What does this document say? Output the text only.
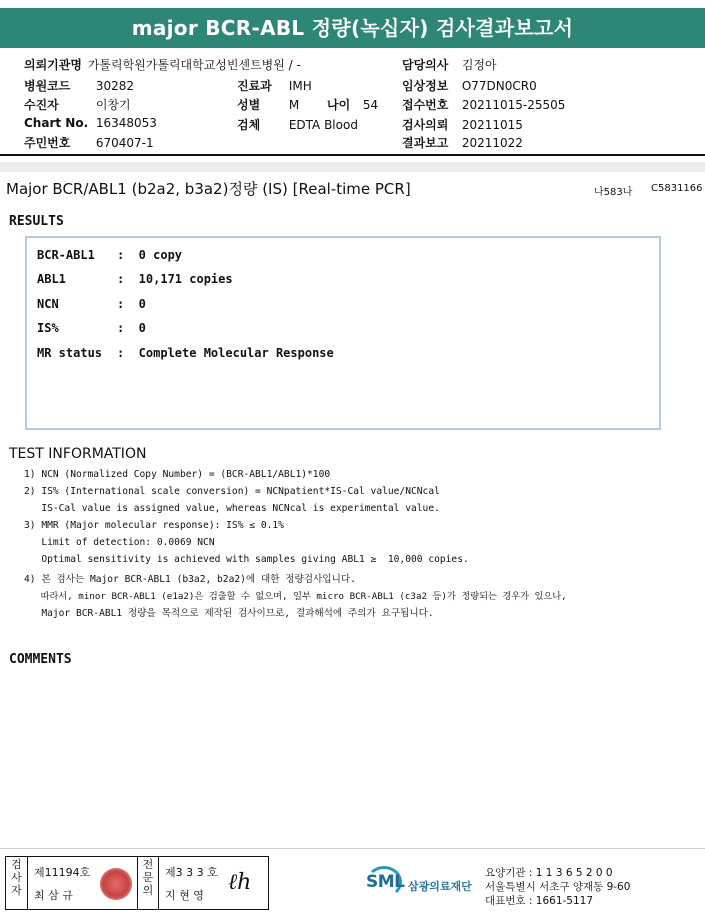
major BCR-ABL 정량(녹십자) 검사결과보고서
의뢰기관명 가톨릭학원가톨릭대학교성빈센트병원 / -
병원코드 30282
수진자	이창기
Chart No. 16348053
주민번호 670407-1
진료과 IMH
성별 M 나이 54
검체 EDTA Blood
담당의사 김정아
임상정보 O77DN0CR0
접수번호 20211015-25505
검사의뢰 20211015
결과보고 20211022
Major BCR/ABL1 (b2a2, b3a2)정량 (IS) [Real-time PCR]	나583나 C5831166
RESULTS
BCR-ABL1 :  0 copy
ABL1	:  10,171 copies
NCN	:  0
IS%	:  0
MR status :  Complete Molecular Response
TEST INFORMATION
1) NCN (Normalized Copy Number) = (BCR-ABL1/ABL1)*100
2) IS% (International scale conversion) = NCNpatient*IS-Cal value/NCNcal
IS-Cal value is assigned value, whereas NCNcal is experimental value.
3) MMR (Major molecular response): IS% ≤ 0.1%
Limit of detection: 0.0069 NCN
Optimal sensitivity is achieved with samples giving ABL1 ≥  10,000 copies.
4) 본 검사는 Major BCR-ABL1 (b3a2, b2a2)에 대한 정량검사입니다.
따라서, minor BCR-ABL1 (e1a2)은 검출할 수 없으며, 일부 micro BCR-ABL1 (c3a2 등)가 정량되는 경우가 있으나,
Major BCR-ABL1 정량을 목적으로 제작된 검사이므로, 결과해석에 주의가 요구됩니다.
COMMENTS
검사자
제11194호
최 삼 규
전문의
제3 3 3 호
지 현 영
ℓh	SML 삼광의료재단
요양기관 : 1 1 3 6 5 2 0 0
서울특별시 서초구 양재동 9-60
대표번호 : 1661-5117
